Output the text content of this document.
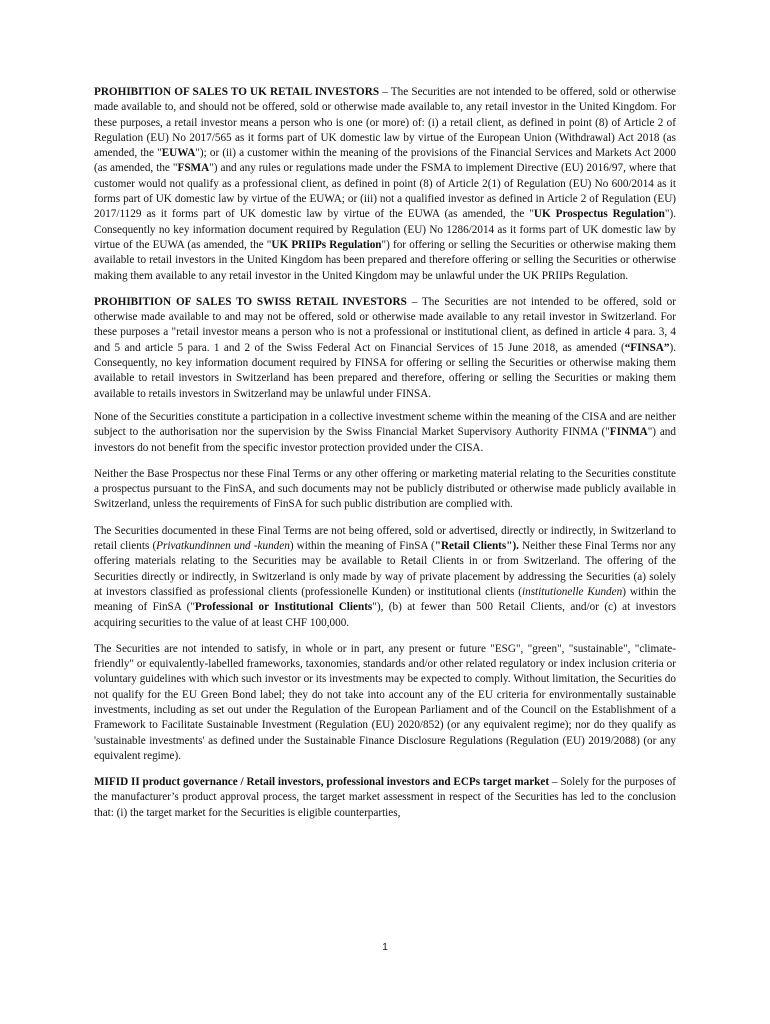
PROHIBITION OF SALES TO UK RETAIL INVESTORS – The Securities are not intended to be offered, sold or otherwise made available to, and should not be offered, sold or otherwise made available to, any retail investor in the United Kingdom. For these purposes, a retail investor means a person who is one (or more) of: (i) a retail client, as defined in point (8) of Article 2 of Regulation (EU) No 2017/565 as it forms part of UK domestic law by virtue of the European Union (Withdrawal) Act 2018 (as amended, the "EUWA"); or (ii) a customer within the meaning of the provisions of the Financial Services and Markets Act 2000 (as amended, the "FSMA") and any rules or regulations made under the FSMA to implement Directive (EU) 2016/97, where that customer would not qualify as a professional client, as defined in point (8) of Article 2(1) of Regulation (EU) No 600/2014 as it forms part of UK domestic law by virtue of the EUWA; or (iii) not a qualified investor as defined in Article 2 of Regulation (EU) 2017/1129 as it forms part of UK domestic law by virtue of the EUWA (as amended, the "UK Prospectus Regulation"). Consequently no key information document required by Regulation (EU) No 1286/2014 as it forms part of UK domestic law by virtue of the EUWA (as amended, the "UK PRIIPs Regulation") for offering or selling the Securities or otherwise making them available to retail investors in the United Kingdom has been prepared and therefore offering or selling the Securities or otherwise making them available to any retail investor in the United Kingdom may be unlawful under the UK PRIIPs Regulation.

PROHIBITION OF SALES TO SWISS RETAIL INVESTORS – The Securities are not intended to be offered, sold or otherwise made available to and may not be offered, sold or otherwise made available to any retail investor in Switzerland. For these purposes a "retail investor means a person who is not a professional or institutional client, as defined in article 4 para. 3, 4 and 5 and article 5 para. 1 and 2 of the Swiss Federal Act on Financial Services of 15 June 2018, as amended (“FINSA”). Consequently, no key information document required by FINSA for offering or selling the Securities or otherwise making them available to retail investors in Switzerland has been prepared and therefore, offering or selling the Securities or making them available to retails investors in Switzerland may be unlawful under FINSA.

None of the Securities constitute a participation in a collective investment scheme within the meaning of the CISA and are neither subject to the authorisation nor the supervision by the Swiss Financial Market Supervisory Authority FINMA ("FINMA") and investors do not benefit from the specific investor protection provided under the CISA.

Neither the Base Prospectus nor these Final Terms or any other offering or marketing material relating to the Securities constitute a prospectus pursuant to the FinSA, and such documents may not be publicly distributed or otherwise made publicly available in Switzerland, unless the requirements of FinSA for such public distribution are complied with.

The Securities documented in these Final Terms are not being offered, sold or advertised, directly or indirectly, in Switzerland to retail clients (Privatkundinnen und -kunden) within the meaning of FinSA ("Retail Clients"). Neither these Final Terms nor any offering materials relating to the Securities may be available to Retail Clients in or from Switzerland. The offering of the Securities directly or indirectly, in Switzerland is only made by way of private placement by addressing the Securities (a) solely at investors classified as professional clients (professionelle Kunden) or institutional clients (institutionelle Kunden) within the meaning of FinSA ("Professional or Institutional Clients"), (b) at fewer than 500 Retail Clients, and/or (c) at investors acquiring securities to the value of at least CHF 100,000.

The Securities are not intended to satisfy, in whole or in part, any present or future "ESG", "green", "sustainable", "climate-friendly" or equivalently-labelled frameworks, taxonomies, standards and/or other related regulatory or index inclusion criteria or voluntary guidelines with which such investor or its investments may be expected to comply. Without limitation, the Securities do not qualify for the EU Green Bond label; they do not take into account any of the EU criteria for environmentally sustainable investments, including as set out under the Regulation of the European Parliament and of the Council on the Establishment of a Framework to Facilitate Sustainable Investment (Regulation (EU) 2020/852) (or any equivalent regime); nor do they qualify as 'sustainable investments' as defined under the Sustainable Finance Disclosure Regulations (Regulation (EU) 2019/2088) (or any equivalent regime).

MIFID II product governance / Retail investors, professional investors and ECPs target market – Solely for the purposes of the manufacturer’s product approval process, the target market assessment in respect of the Securities has led to the conclusion that: (i) the target market for the Securities is eligible counterparties,

1
